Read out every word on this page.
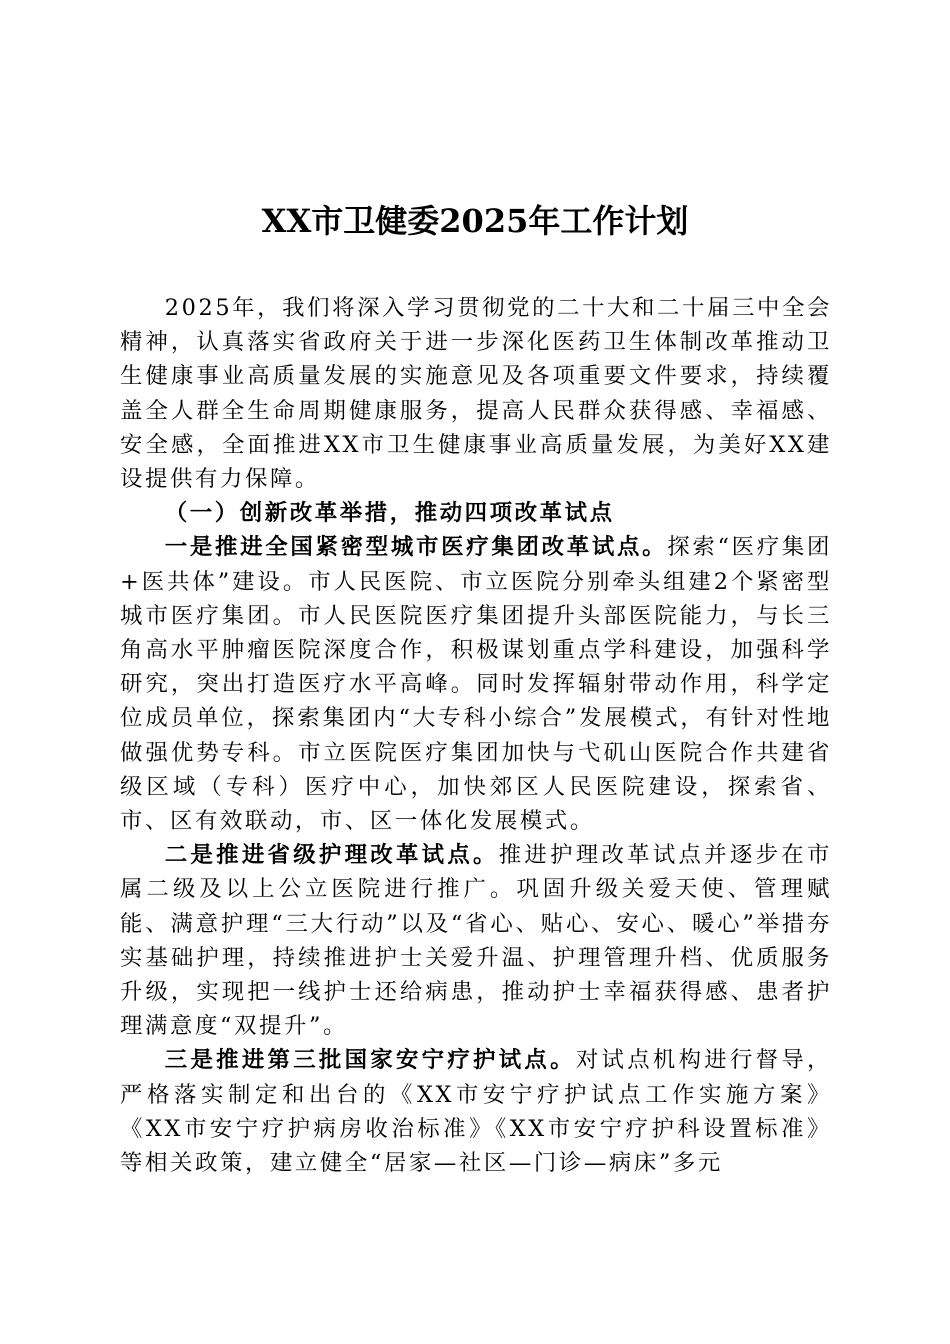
XX市卫健委2025年工作计划

2025年，我们将深入学习贯彻党的二十大和二十届三中全会精神，认真落实省政府关于进一步深化医药卫生体制改革推动卫生健康事业高质量发展的实施意见及各项重要文件要求，持续覆盖全人群全生命周期健康服务，提高人民群众获得感、幸福感、安全感，全面推进XX市卫生健康事业高质量发展，为美好XX建设提供有力保障。

（一）创新改革举措，推动四项改革试点

一是推进全国紧密型城市医疗集团改革试点。探索“医疗集团+医共体”建设。市人民医院、市立医院分别牵头组建2个紧密型城市医疗集团。市人民医院医疗集团提升头部医院能力，与长三角高水平肿瘤医院深度合作，积极谋划重点学科建设，加强科学研究，突出打造医疗水平高峰。同时发挥辐射带动作用，科学定位成员单位，探索集团内“大专科小综合”发展模式，有针对性地做强优势专科。市立医院医疗集团加快与弋矶山医院合作共建省级区域（专科）医疗中心，加快郊区人民医院建设，探索省、市、区有效联动，市、区一体化发展模式。

二是推进省级护理改革试点。推进护理改革试点并逐步在市属二级及以上公立医院进行推广。巩固升级关爱天使、管理赋能、满意护理“三大行动”以及“省心、贴心、安心、暖心”举措夯实基础护理，持续推进护士关爱升温、护理管理升档、优质服务升级，实现把一线护士还给病患，推动护士幸福获得感、患者护理满意度“双提升”。

三是推进第三批国家安宁疗护试点。对试点机构进行督导，严格落实制定和出台的《XX市安宁疗护试点工作实施方案》《XX市安宁疗护病房收治标准》《XX市安宁疗护科设置标准》等相关政策，建立健全“居家—社区—门诊—病床”多元
